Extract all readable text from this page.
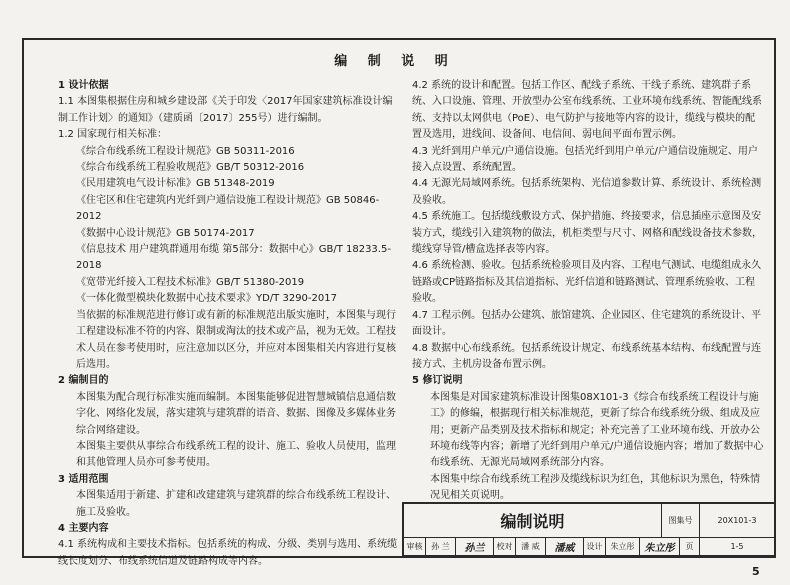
编 制 说 明

1 设计依据

1.1 本图集根据住房和城乡建设部《关于印发〈2017年国家建筑标准设计编制工作计划〉的通知》（建质函〔2017〕255号）进行编制。

1.2 国家现行相关标准：

《综合布线系统工程设计规范》GB 50311-2016

《综合布线系统工程验收规范》GB/T 50312-2016

《民用建筑电气设计标准》GB 51348-2019

《住宅区和住宅建筑内光纤到户通信设施工程设计规范》GB 50846-2012

《数据中心设计规范》GB 50174-2017

《信息技术 用户建筑群通用布缆 第5部分：数据中心》GB/T 18233.5-2018

《宽带光纤接入工程技术标准》GB/T 51380-2019

《一体化微型模块化数据中心技术要求》YD/T 3290-2017

当依据的标准规范进行修订或有新的标准规范出版实施时，本图集与现行工程建设标准不符的内容、限制或淘汰的技术或产品，视为无效。工程技术人员在参考使用时，应注意加以区分，并应对本图集相关内容进行复核后选用。

2 编制目的

本图集为配合现行标准实施而编制。本图集能够促进智慧城镇信息通信数字化、网络化发展，落实建筑与建筑群的语音、数据、图像及多媒体业务综合网络建设。

本图集主要供从事综合布线系统工程的设计、施工、验收人员使用，监理和其他管理人员亦可参考使用。

3 适用范围

本图集适用于新建、扩建和改建建筑与建筑群的综合布线系统工程设计、施工及验收。

4 主要内容

4.1 系统构成和主要技术指标。包括系统的构成、分级、类别与选用、系统缆线长度划分、布线系统信道及链路构成等内容。

4.2 系统的设计和配置。包括工作区、配线子系统、干线子系统、建筑群子系统、入口设施、管理、开放型办公室布线系统、工业环境布线系统、智能配线系统、支持以太网供电（PoE）、电气防护与接地等内容的设计，缆线与模块的配置及选用，进线间、设备间、电信间、弱电间平面布置示例。

4.3 光纤到用户单元/户通信设施。包括光纤到用户单元/户通信设施规定、用户接入点设置、系统配置。

4.4 无源光局域网系统。包括系统架构、光信道参数计算、系统设计、系统检测及验收。

4.5 系统施工。包括缆线敷设方式、保护措施、终接要求，信息插座示意图及安装方式，缆线引入建筑物的做法，机柜类型与尺寸、网格和配线设备技术参数，缆线穿导管/槽盒选择表等内容。

4.6 系统检测、验收。包括系统检验项目及内容、工程电气测试、电缆组成永久链路或CP链路指标及其信道指标、光纤信道和链路测试、管理系统验收、工程验收。

4.7 工程示例。包括办公建筑、旅馆建筑、企业园区、住宅建筑的系统设计、平面设计。

4.8 数据中心布线系统。包括系统设计规定、布线系统基本结构、布线配置与连接方式、主机房设备布置示例。

5 修订说明

本图集是对国家建筑标准设计图集08X101-3《综合布线系统工程设计与施工》的修编，根据现行相关标准规范，更新了综合布线系统分级、组成及应用；更新产品类别及技术指标和规定；补充完善了工业环境布线、开放办公环境布线等内容；新增了光纤到用户单元/户通信设施内容；增加了数据中心布线系统、无源光局域网系统部分内容。

本图集中综合布线系统工程涉及缆线标识为红色，其他标识为黑色，特殊情况见相关页说明。

编制说明	图集号	20X101-3
审核	孙 兰	孙兰	校对	潘 威	潘威	设计	朱立彤	朱立彤	页	1-5
5
